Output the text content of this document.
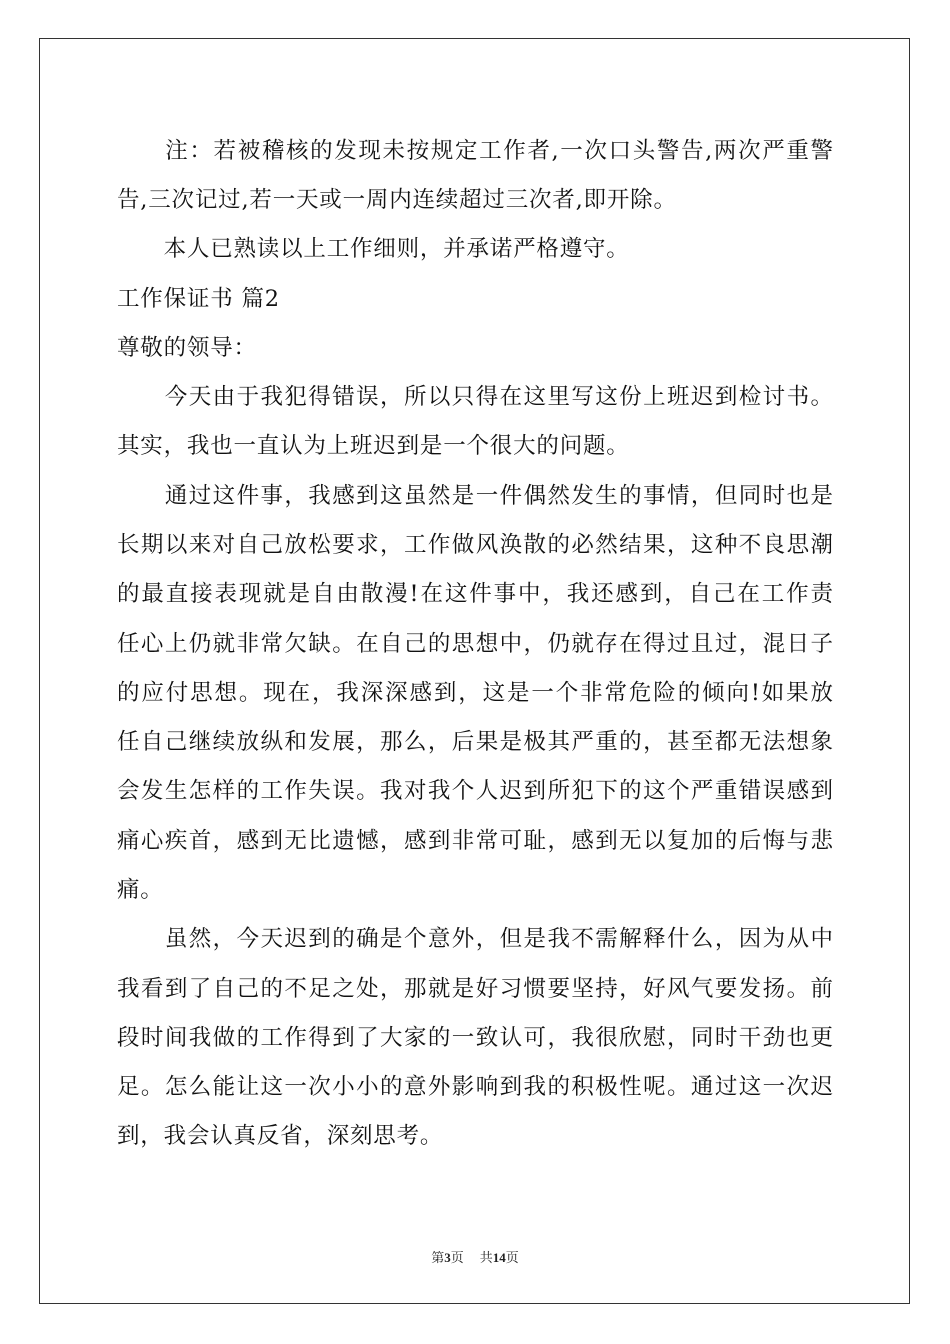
　　注：若被稽核的发现未按规定工作者,一次口头警告,两次严重警
告,三次记过,若一天或一周内连续超过三次者,即开除。
　　本人已熟读以上工作细则，并承诺严格遵守。
工作保证书 篇2
尊敬的领导：
　　今天由于我犯得错误，所以只得在这里写这份上班迟到检讨书。
其实，我也一直认为上班迟到是一个很大的问题。
　　通过这件事，我感到这虽然是一件偶然发生的事情，但同时也是
长期以来对自己放松要求，工作做风涣散的必然结果，这种不良思潮
的最直接表现就是自由散漫!在这件事中，我还感到，自己在工作责
任心上仍就非常欠缺。在自己的思想中，仍就存在得过且过，混日子
的应付思想。现在，我深深感到，这是一个非常危险的倾向!如果放
任自己继续放纵和发展，那么，后果是极其严重的，甚至都无法想象
会发生怎样的工作失误。我对我个人迟到所犯下的这个严重错误感到
痛心疾首，感到无比遗憾，感到非常可耻，感到无以复加的后悔与悲
痛。
　　虽然，今天迟到的确是个意外，但是我不需解释什么，因为从中
我看到了自己的不足之处，那就是好习惯要坚持，好风气要发扬。前
段时间我做的工作得到了大家的一致认可，我很欣慰，同时干劲也更
足。怎么能让这一次小小的意外影响到我的积极性呢。通过这一次迟
到，我会认真反省，深刻思考。
第3页 共14页
